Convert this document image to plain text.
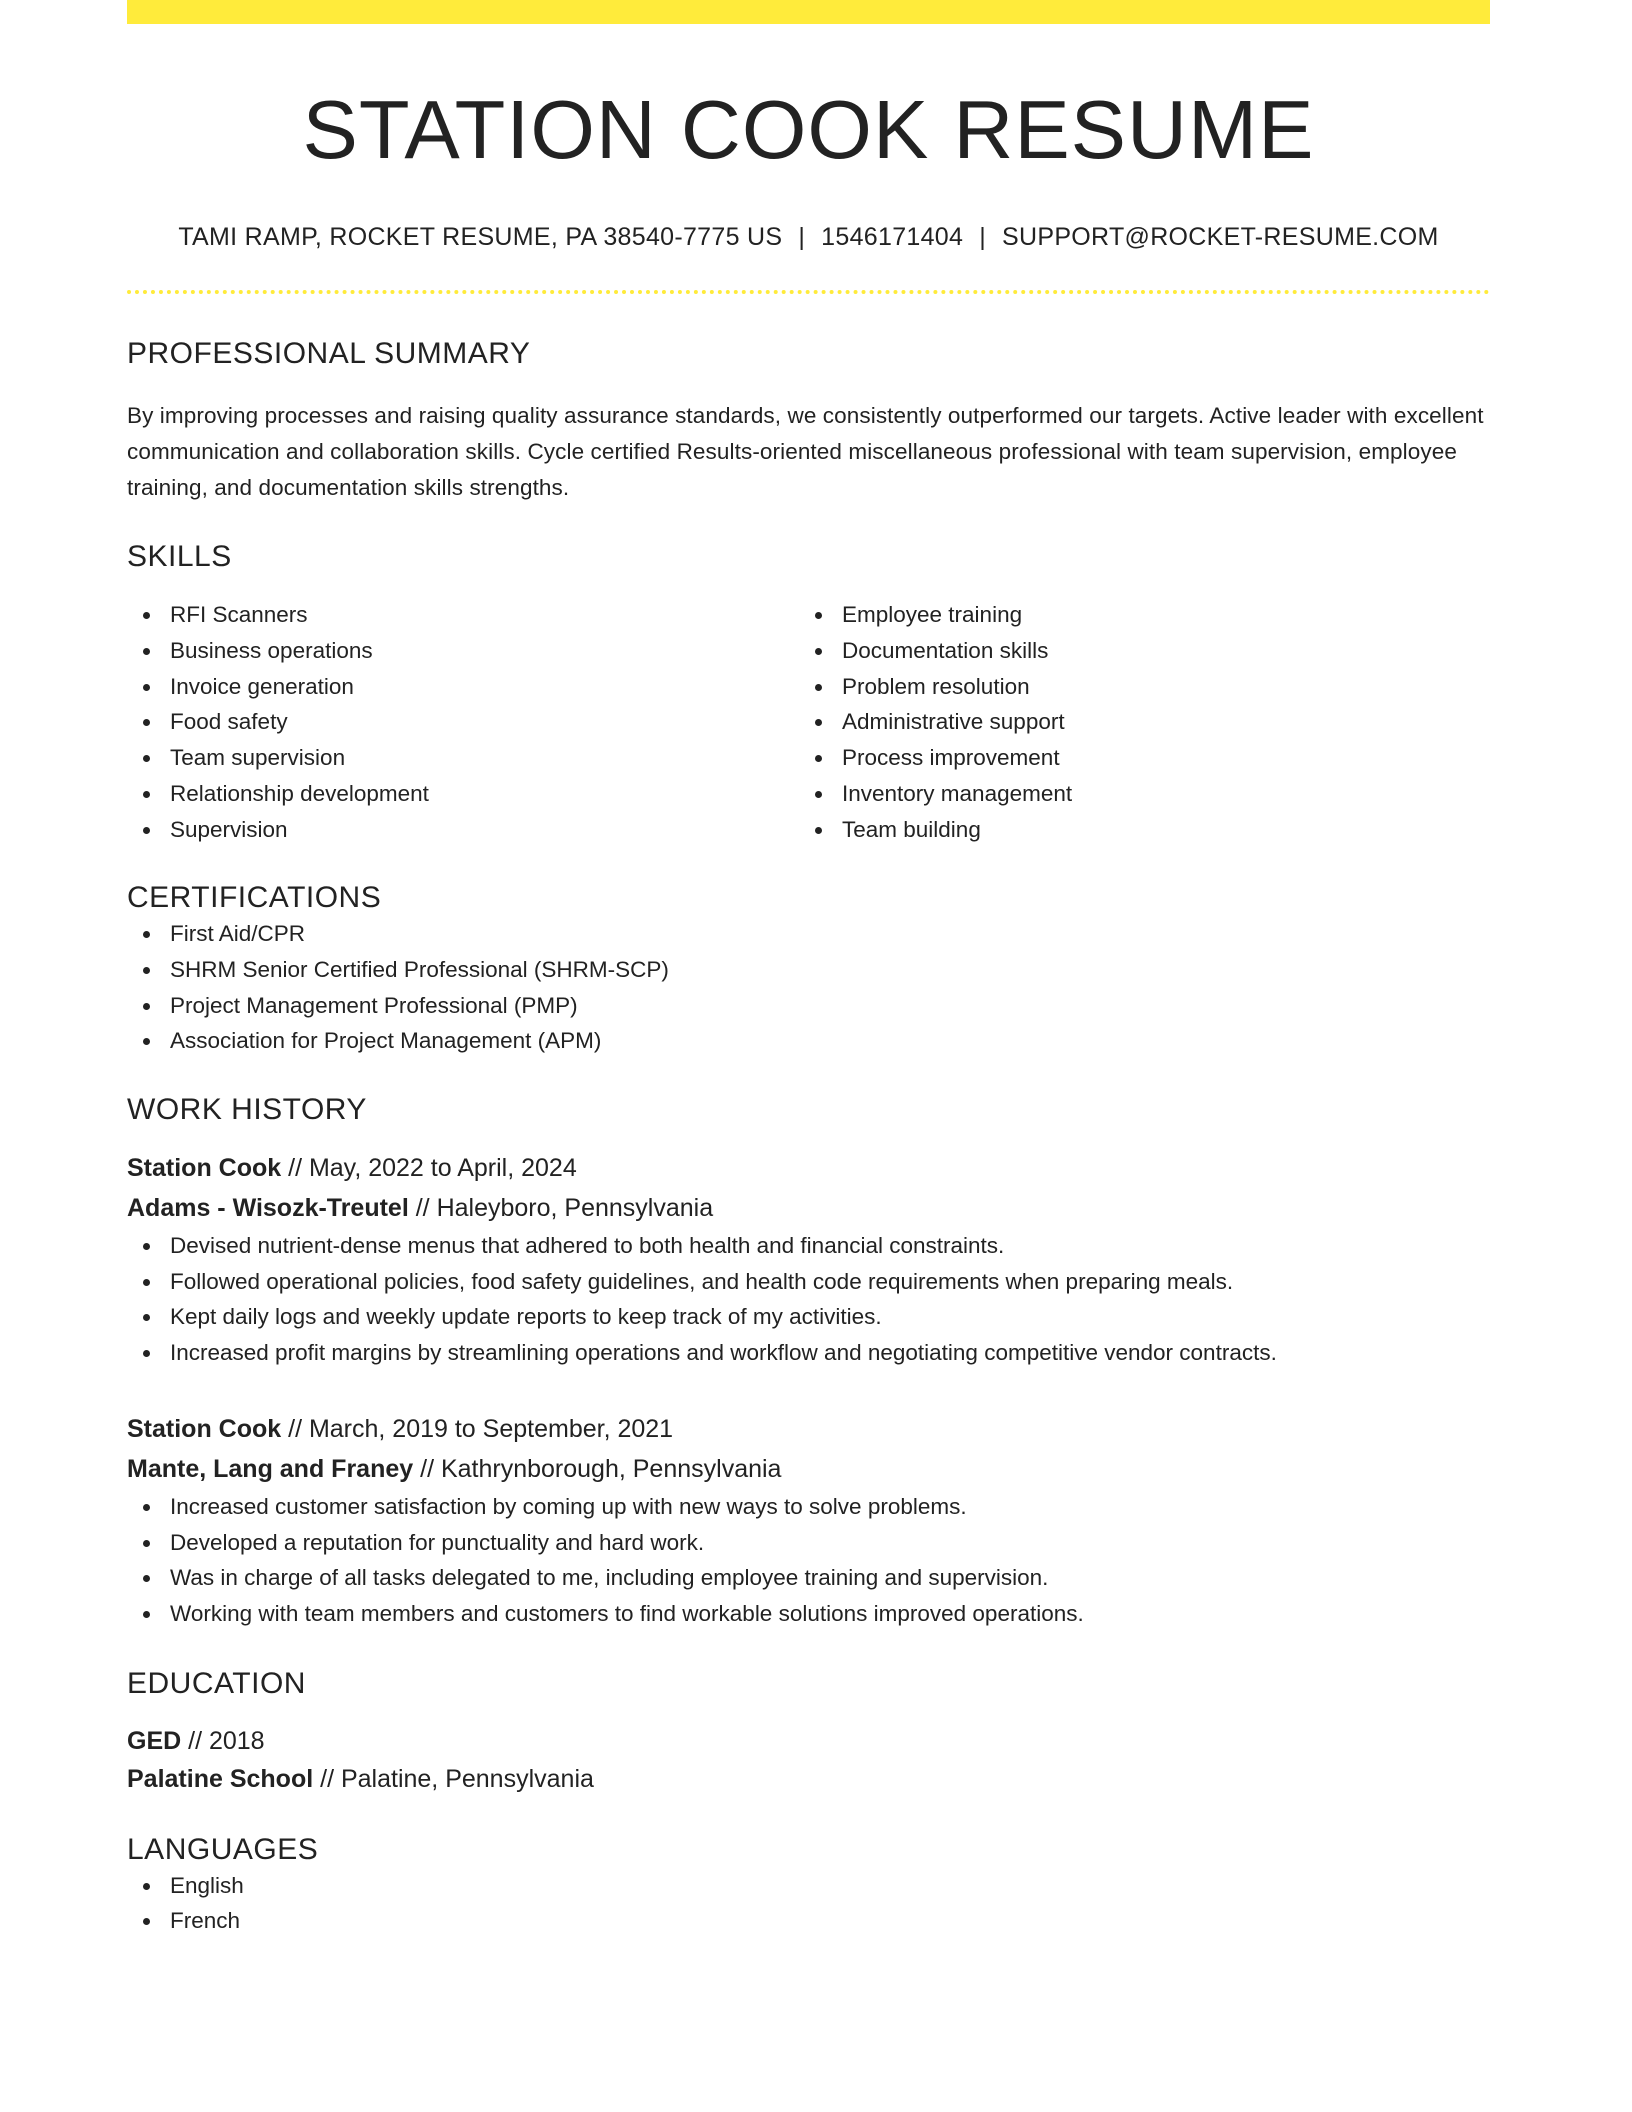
STATION COOK RESUME
TAMI RAMP, ROCKET RESUME, PA 38540-7775 US | 1546171404 | SUPPORT@ROCKET-RESUME.COM
PROFESSIONAL SUMMARY

By improving processes and raising quality assurance standards, we consistently outperformed our targets. Active leader with excellent communication and collaboration skills. Cycle certified Results-oriented miscellaneous professional with team supervision, employee training, and documentation skills strengths.

SKILLS
RFI Scanners
Business operations
Invoice generation
Food safety
Team supervision
Relationship development
Supervision
Employee training
Documentation skills
Problem resolution
Administrative support
Process improvement
Inventory management
Team building
CERTIFICATIONS
First Aid/CPR
SHRM Senior Certified Professional (SHRM-SCP)
Project Management Professional (PMP)
Association for Project Management (APM)
WORK HISTORY
Station Cook // May, 2022 to April, 2024
Adams - Wisozk-Treutel // Haleyboro, Pennsylvania
Devised nutrient-dense menus that adhered to both health and financial constraints.
Followed operational policies, food safety guidelines, and health code requirements when preparing meals.
Kept daily logs and weekly update reports to keep track of my activities.
Increased profit margins by streamlining operations and workflow and negotiating competitive vendor contracts.
Station Cook // March, 2019 to September, 2021
Mante, Lang and Franey // Kathrynborough, Pennsylvania
Increased customer satisfaction by coming up with new ways to solve problems.
Developed a reputation for punctuality and hard work.
Was in charge of all tasks delegated to me, including employee training and supervision.
Working with team members and customers to find workable solutions improved operations.
EDUCATION
GED // 2018
Palatine School // Palatine, Pennsylvania
LANGUAGES
English
French
